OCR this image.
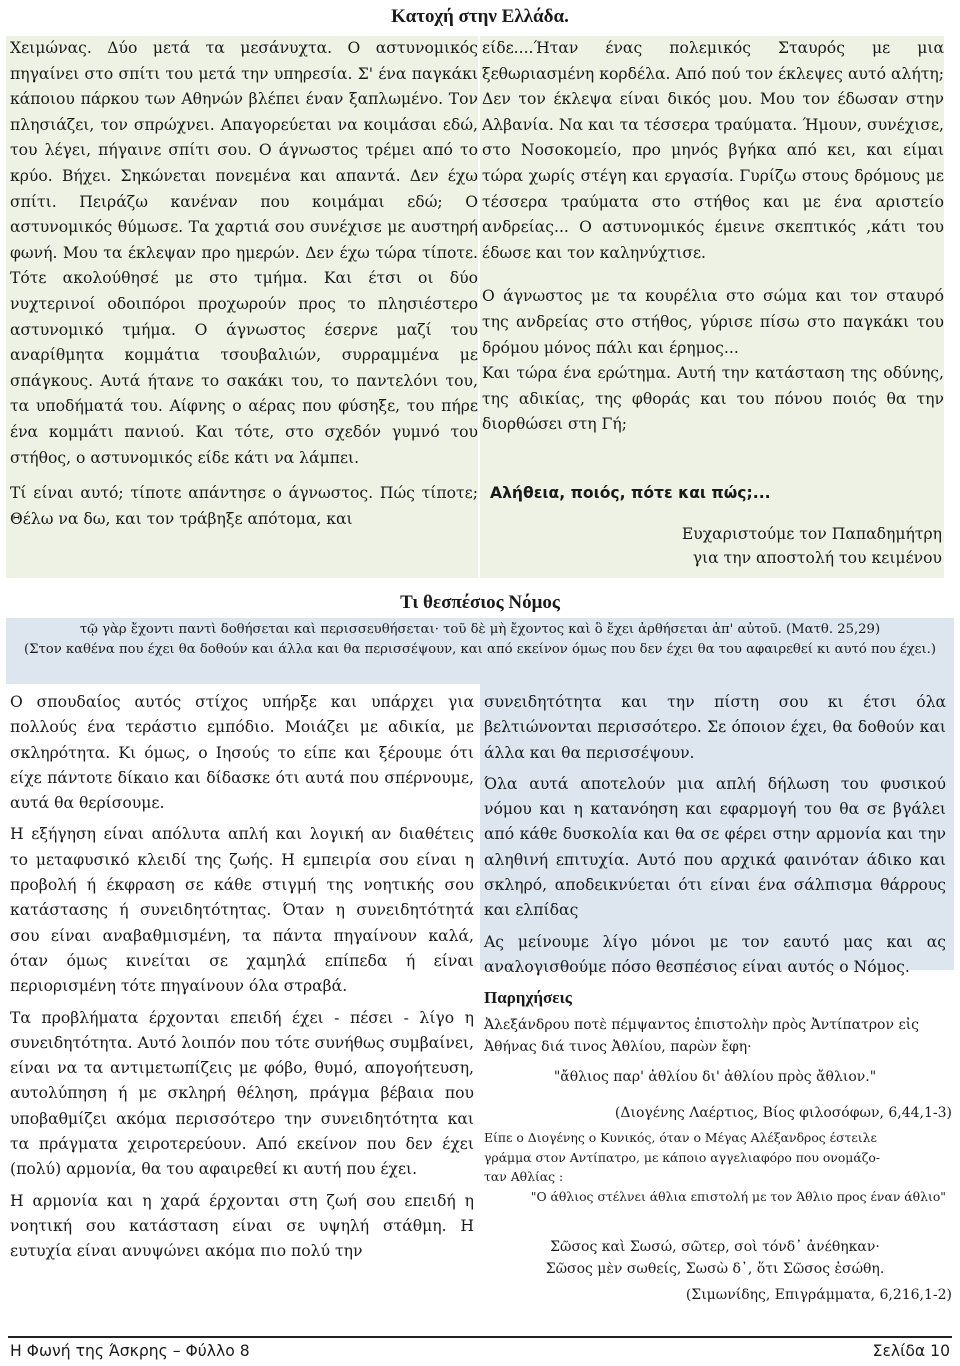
Κατοχή στην Ελλάδα.

Χειμώνας. Δύο μετά τα μεσάνυχτα. Ο αστυνομικός πηγαίνει στο σπίτι του μετά την υπηρεσία. Σ' ένα παγκάκι κάποιου πάρκου των Αθηνών βλέπει έναν ξαπλωμένο. Τον πλησιάζει, τον σπρώχνει. Απαγορεύεται να κοιμάσαι εδώ, του λέγει, πήγαινε σπίτι σου. Ο άγνωστος τρέμει από το κρύο. Βήχει. Σηκώνεται πονεμένα και απαντά. Δεν έχω σπίτι. Πειράζω κανέναν που κοιμάμαι εδώ; Ο αστυνομικός θύμωσε. Τα χαρτιά σου συνέχισε με αυστηρή φωνή. Μου τα έκλεψαν προ ημερών. Δεν έχω τώρα τίποτε. Τότε ακολούθησέ με στο τμήμα. Και έτσι οι δύο νυχτερινοί οδοιπόροι προχωρούν προς το πλησιέστερο αστυνομικό τμήμα. Ο άγνωστος έσερνε μαζί του αναρίθμητα κομμάτια τσουβαλιών, συρραμμένα με σπάγκους. Αυτά ήτανε το σακάκι του, το παντελόνι του, τα υποδήματά του. Αίφνης ο αέρας που φύσηξε, του πήρε ένα κομμάτι πανιού. Και τότε, στο σχεδόν γυμνό του στήθος, ο αστυνομικός είδε κάτι να λάμπει.

Τί είναι αυτό; τίποτε απάντησε ο άγνωστος. Πώς τίποτε; Θέλω να δω, και τον τράβηξε απότομα, και

είδε....Ήταν ένας πολεμικός Σταυρός με μια ξεθωριασμένη κορδέλα. Από πού τον έκλεψες αυτό αλήτη; Δεν τον έκλεψα είναι δικός μου. Μου τον έδωσαν στην Αλβανία. Να και τα τέσσερα τραύματα. Ήμουν, συνέχισε, στο Νοσοκομείο, προ μηνός βγήκα από κει, και είμαι τώρα χωρίς στέγη και εργασία. Γυρίζω στους δρόμους με τέσσερα τραύματα στο στήθος και με ένα αριστείο ανδρείας... Ο αστυνομικός έμεινε σκεπτικός ,κάτι του έδωσε και τον καληνύχτισε.

Ο άγνωστος με τα κουρέλια στο σώμα και τον σταυρό της ανδρείας στο στήθος, γύρισε πίσω στο παγκάκι του δρόμου μόνος πάλι και έρημος...

Και τώρα ένα ερώτημα. Αυτή την κατάσταση της οδύνης, της αδικίας, της φθοράς και του πόνου ποιός θα την διορθώσει στη Γή;

Αλήθεια, ποιός, πότε και πώς;...
Ευχαριστούμε τον Παπαδημήτρη
για την αποστολή του κειμένου
Τι θεσπέσιος Νόμος
τῷ γὰρ ἔχοντι παντὶ δοθήσεται καὶ περισσευθήσεται· τοῦ δὲ μὴ ἔχοντος καὶ ὃ ἔχει ἀρθήσεται ἀπ' αὐτοῦ. (Ματθ. 25,29)
(Στον καθένα που έχει θα δοθούν και άλλα και θα περισσέψουν, και από εκείνον όμως που δεν έχει θα του αφαιρεθεί κι αυτό που έχει.)

Ο σπουδαίος αυτός στίχος υπήρξε και υπάρχει για πολλούς ένα τεράστιο εμπόδιο. Μοιάζει με αδικία, με σκληρότητα. Κι όμως, ο Ιησούς το είπε και ξέρουμε ότι είχε πάντοτε δίκαιο και δίδασκε ότι αυτά που σπέρνουμε, αυτά θα θερίσουμε.

Η εξήγηση είναι απόλυτα απλή και λογική αν διαθέτεις το μεταφυσικό κλειδί της ζωής. Η εμπειρία σου είναι η προβολή ή έκφραση σε κάθε στιγμή της νοητικής σου κατάστασης ή συνειδητότητας. Όταν η συνειδητότητά σου είναι αναβαθμισμένη, τα πάντα πηγαίνουν καλά, όταν όμως κινείται σε χαμηλά επίπεδα ή είναι περιορισμένη τότε πηγαίνουν όλα στραβά.

Τα προβλήματα έρχονται επειδή έχει - πέσει - λίγο η συνειδητότητα. Αυτό λοιπόν που τότε συνήθως συμβαίνει, είναι να τα αντιμετωπίζεις με φόβο, θυμό, απογοήτευση, αυτολύπηση ή με σκληρή θέληση, πράγμα βέβαια που υποβαθμίζει ακόμα περισσότερο την συνειδητότητα και τα πράγματα χειροτερεύουν. Από εκείνον που δεν έχει (πολύ) αρμονία, θα του αφαιρεθεί κι αυτή που έχει.

Η αρμονία και η χαρά έρχονται στη ζωή σου επειδή η νοητική σου κατάσταση είναι σε υψηλή στάθμη. Η ευτυχία είναι ανυψώνει ακόμα πιο πολύ την

συνειδητότητα και την πίστη σου κι έτσι όλα βελτιώνονται περισσότερο. Σε όποιον έχει, θα δοθούν και άλλα και θα περισσέψουν.

Όλα αυτά αποτελούν μια απλή δήλωση του φυσικού νόμου και η κατανόηση και εφαρμογή του θα σε βγάλει από κάθε δυσκολία και θα σε φέρει στην αρμονία και την αληθινή επιτυχία. Αυτό που αρχικά φαινόταν άδικο και σκληρό, αποδεικνύεται ότι είναι ένα σάλπισμα θάρρους και ελπίδας

Ας μείνουμε λίγο μόνοι με τον εαυτό μας και ας αναλογισθούμε πόσο θεσπέσιος είναι αυτός ο Νόμος.

Παρηχήσεις
Ἀλεξάνδρου ποτὲ πέμψαντος ἐπιστολὴν πρὸς Ἀντίπατρον εἰς Ἀθήνας διά τινος Ἀθλίου, παρὼν ἔφη·
"ἄθλιος παρ' ἀθλίου δι' ἀθλίου πρὸς ἄθλιον."
(Διογένης Λαέρτιος, Βίος φιλοσόφων, 6,44,1-3)
Είπε ο Διογένης ο Κυνικός, όταν ο Μέγας Αλέξανδρος έστειλε
γράμμα στον Αντίπατρο, με κάποιο αγγελιαφόρο που ονομάζο-
ταν Αθλίας :
"Ο άθλιος στέλνει άθλια επιστολή με τον Άθλιο προς έναν άθλιο"
Σῶσος καὶ Σωσώ, σῶτερ, σοὶ τόνδ᾽ ἀνέθηκαν·
Σῶσος μὲν σωθείς, Σωσὼ δ᾽, ὅτι Σῶσος ἐσώθη.
(Σιμωνίδης, Επιγράμματα, 6,216,1-2)
Η Φωνή της Άσκρης – Φύλλο 8	Σελίδα 10
